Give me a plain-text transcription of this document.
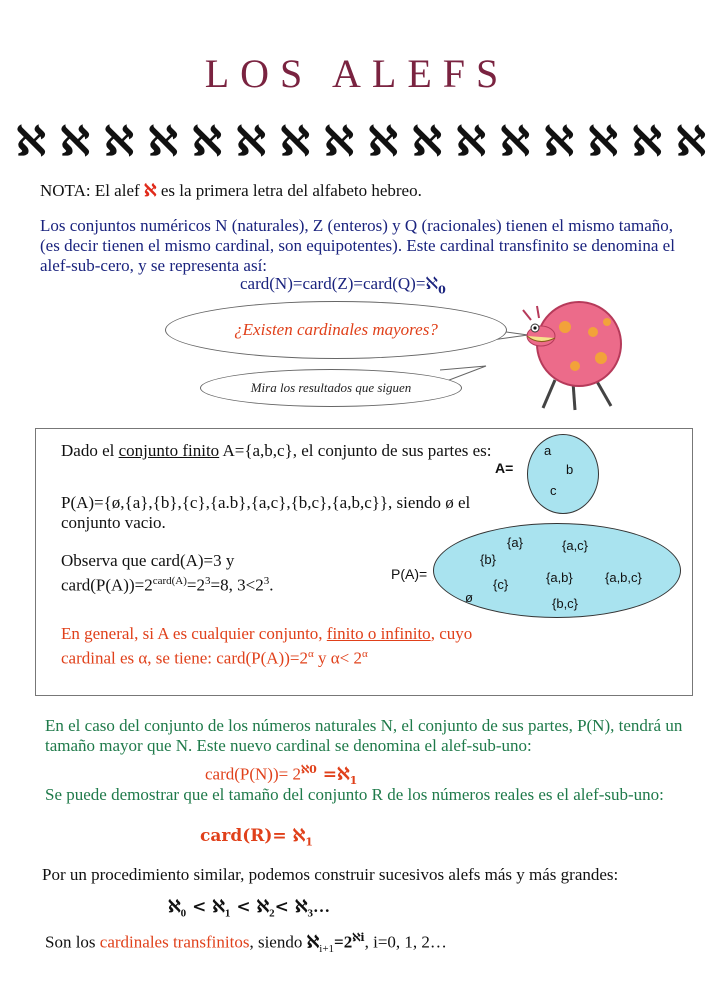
LOS ALEFS
ℵ ℵ ℵ ℵ ℵ ℵ ℵ ℵ ℵ ℵ ℵ ℵ ℵ ℵ ℵ ℵ
NOTA: El alef ℵ es la primera letra del alfabeto hebreo.
Los conjuntos numéricos N (naturales), Z (enteros) y Q (racionales) tienen el mismo tamaño, (es decir tienen el mismo cardinal, son equipotentes). Este cardinal transfinito se denomina el alef-sub-cero, y se representa así:
card(N)=card(Z)=card(Q)=ℵ$_0$
¿Existen cardinales mayores?
Mira los resultados que siguen
Dado el conjunto finito A={a,b,c}, el conjunto de sus partes es:
P(A)={ø,{a},{b},{c},{a.b},{a,c},{b,c},{a,b,c}}, siendo ø el conjunto vacio.
Observa que card(A)=3 y
$card(P(A))=2^{card(A)}=2^3=8$, $3<2^3$.
En general, si A es cualquier conjunto, finito o infinito, cuyo cardinal es α, se tiene: $card(P(A))=2^\alpha$ y $\alpha< 2^\alpha$
A=
a
b
c
P(A)=
{a}	{a,c}
{b}
{c}	{a,b} {a,b,c}
ø	{b,c}
En el caso del conjunto de los números naturales N, el conjunto de sus partes, P(N), tendrá un tamaño mayor que N. Este nuevo cardinal se denomina el alef-sub-uno:
card(P(N))= $2^{ℵ0}$ =ℵ$_1$
Se puede demostrar que el tamaño del conjunto R de los números reales es el alef-sub-uno:
card(R)= ℵ$_1$
Por un procedimiento similar, podemos construir sucesivos alefs más y más grandes:
ℵ$_0$ < ℵ$_1$ < ℵ$_2$< ℵ$_3$…
Son los cardinales transfinitos, siendo $ℵ_{i+1}=2^{ℵi}$, i=0, 1, 2…
